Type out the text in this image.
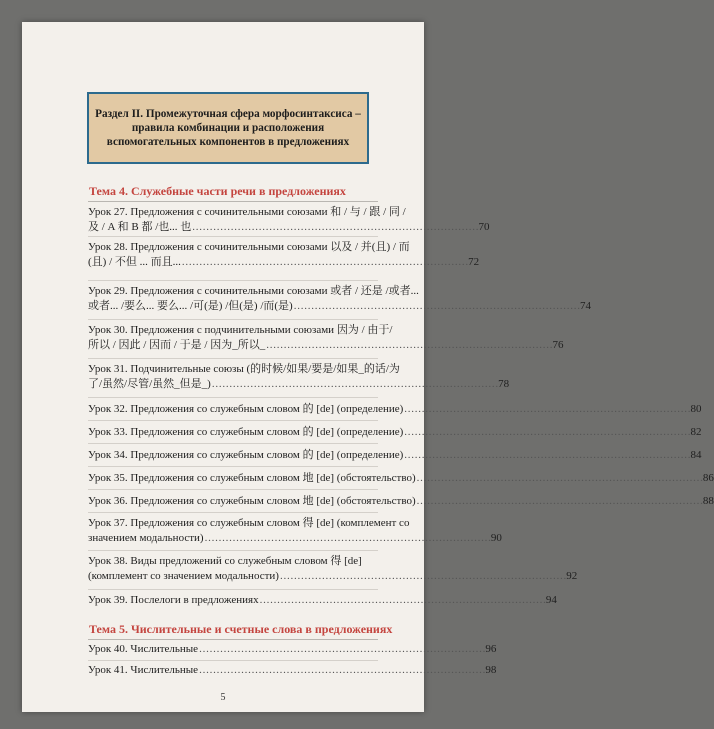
Раздел II. Промежуточная сфера морфосинтаксиса – правила комбинации и расположения вспомогательных компонентов в предложениях
Тема 4. Служебные части речи в предложениях
Урок 27. Предложения с сочинительными союзами 和 / 与 / 跟 / 同 /
及 / A 和 B 都 /也... 也 . . .	70
Урок 28. Предложения с сочинительными союзами 以及 / 并(且) / 而
(且) / 不但 ... 而且... . . .	72
Урок 29. Предложения с сочинительными союзами 或者 / 还是 /或者...
或者... /要么... 要么... /可(是) /但(是) /而(是) . . .	74
Урок 30. Предложения с подчинительными союзами 因为 / 由于/
所以 / 因此 / 因而 / 于是 / 因为_所以_ . . .	76
Урок 31. Подчинительные союзы (的时候/如果/要是/如果_的话/为
了/虽然/尽管/虽然_但是_) . . .	78
Урок 32. Предложения со служебным словом 的 [de] (определение) . . .	80
Урок 33. Предложения со служебным словом 的 [de] (определение) . . .	82
Урок 34. Предложения со служебным словом 的 [de] (определение) . . .	84
Урок 35. Предложения со служебным словом 地 [de] (обстоятельство) . . .	86
Урок 36. Предложения со служебным словом 地 [de] (обстоятельство) . . .	88
Урок 37. Предложения со служебным словом 得 [de] (комплемент со
значением модальности) . . .	90
Урок 38. Виды предложений со служебным словом 得 [de]
(комплемент со значением модальности) . . .	92
Урок 39. Послелоги в предложениях . . .	94
Тема 5. Числительные и счетные слова в предложениях
Урок 40. Числительные . . .	96
Урок 41. Числительные . . .	98
5
